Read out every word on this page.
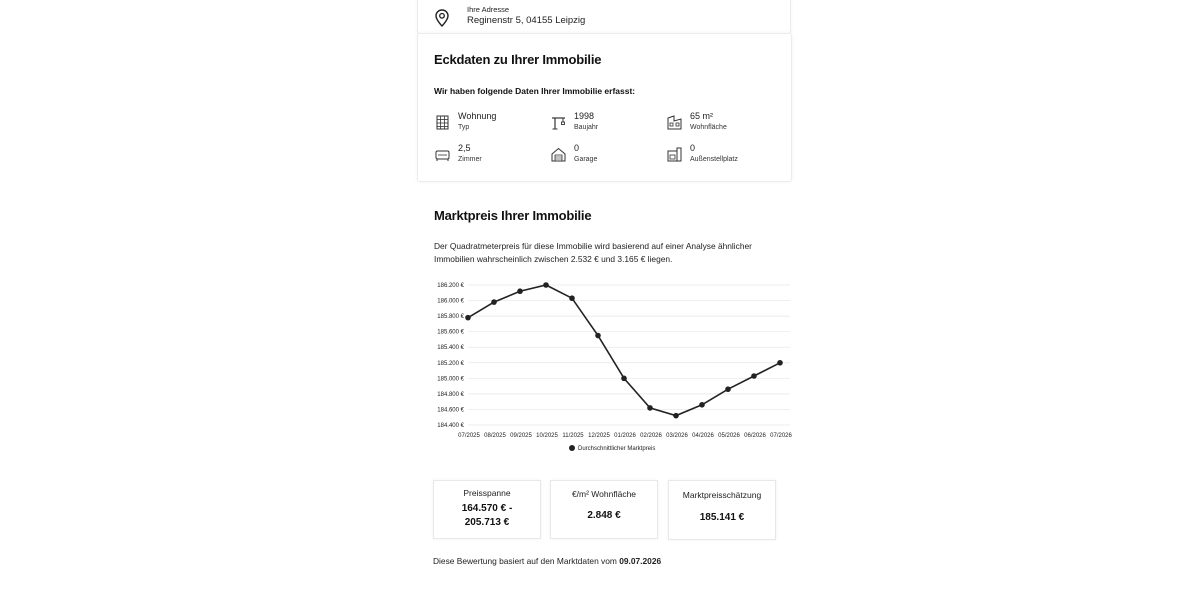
Ihre Adresse
Reginenstr 5, 04155 Leipzig
Eckdaten zu Ihrer Immobilie
Wir haben folgende Daten Ihrer Immobilie erfasst:
Wohnung
Typ
1998
Baujahr
65 m²
Wohnfläche
2,5
Zimmer
0
Garage
0
Außenstellplatz
Marktpreis Ihrer Immobilie
Der Quadratmeterpreis für diese Immobilie wird basierend auf einer Analyse ähnlicher
Immobilien wahrscheinlich zwischen 2.532 € und 3.165 € liegen.
186.200 €
186.000 €
185.800 €
185.600 €
185.400 €
185.200 €
185.000 €
184.800 €
184.600 €
184.400 €
07/2025 08/2025 09/2025 10/2025 11/2025 12/2025 01/2026 02/2026 03/2026 04/2026 05/2026 06/2026 07/2026
Durchschnittlicher Marktpreis
Preisspanne
164.570 € -
205.713 €
€/m² Wohnfläche
2.848 €
Marktpreisschätzung
185.141 €
Diese Bewertung basiert auf den Marktdaten vom 09.07.2026
